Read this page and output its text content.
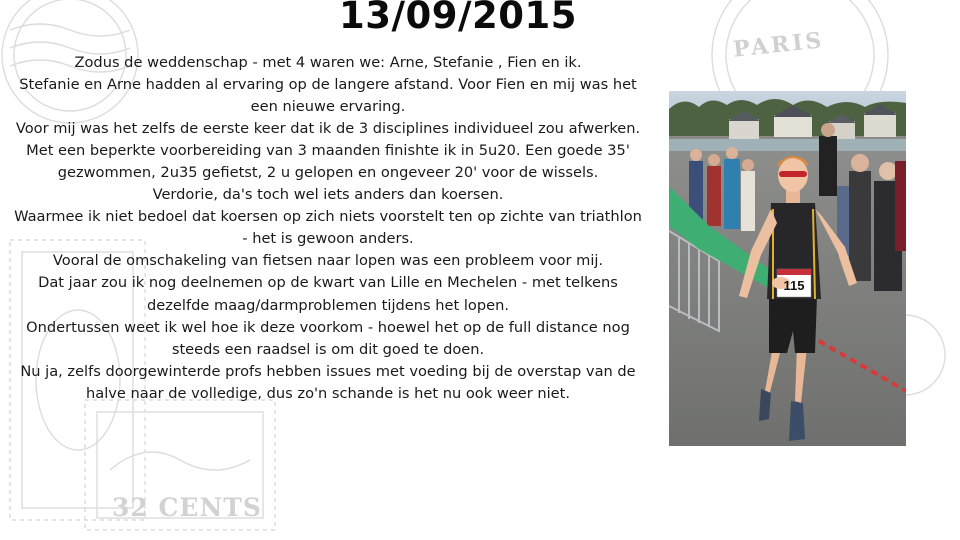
PARIS
32 CENTS
13/09/2015

Zodus de weddenschap - met 4 waren we: Arne, Stefanie , Fien en ik.

Stefanie en Arne hadden al ervaring op de langere afstand. Voor Fien en mij was het een nieuwe ervaring.

Voor mij was het zelfs de eerste keer dat ik de 3 disciplines individueel zou afwerken.

Met een beperkte voorbereiding van 3 maanden finishte ik in 5u20. Een goede 35' gezwommen, 2u35 gefietst, 2 u gelopen en ongeveer 20' voor de wissels.

Verdorie, da's toch wel iets anders dan koersen.

Waarmee ik niet bedoel dat koersen op zich niets voorstelt ten op zichte van triathlon - het is gewoon anders.

Vooral de omschakeling van fietsen naar lopen was een probleem voor mij.

Dat jaar zou ik nog deelnemen op de kwart van Lille en Mechelen - met telkens dezelfde maag/darmproblemen tijdens het lopen.

Ondertussen weet ik wel hoe ik deze voorkom - hoewel het op de full distance nog steeds een raadsel is om dit goed te doen.

Nu ja, zelfs doorgewinterde profs hebben issues met voeding bij de overstap van de halve naar de volledige, dus zo'n schande is het nu ook weer niet.

115
